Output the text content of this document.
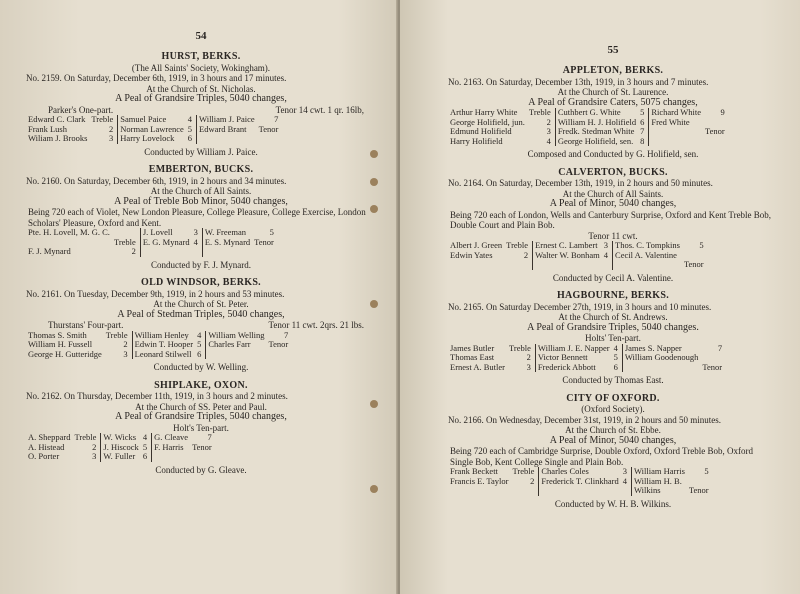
54
HURST, BERKS.
(The All Saints' Society, Wokingham).
No. 2159. On Saturday, December 6th, 1919, in 3 hours and 17 minutes.
At the Church of St. Nicholas.
A Peal of Grandsire Triples, 5040 changes,
Parker's One-part.	Tenor 14 cwt. 1 qr. 16lb,
Edward C. Clark	Treble	Samuel Paice	4	William J. Paice	7
Frank Lush	2	Norman Lawrence	5	Edward Brant	Tenor
Wiliam J. Brooks	3	Harry Lovelock	6		
Conducted by William J. Paice.
EMBERTON, BUCKS.
No. 2160. On Saturday, December 6th, 1919, in 2 hours and 34 minutes.
At the Church of All Saints.
A Peal of Treble Bob Minor, 5040 changes,
Being 720 each of Violet, New London Pleasure, College Pleasure, College Exercise, London Scholars' Pleasure, Oxford and Kent.
Pte. H. Lovell, M. G. C.		J. Lovell	3	W. Freeman	5
	Treble	E. G. Mynard	4	E. S. Mynard	Tenor
F. J. Mynard	2				
Conducted by F. J. Mynard.
OLD WINDSOR, BERKS.
No. 2161. On Tuesday, December 9th, 1919, in 2 hours and 53 minutes.
At the Church of St. Peter.
A Peal of Stedman Triples, 5040 changes,
Thurstans' Four-part.	Tenor 11 cwt. 2qrs. 21 lbs.
Thomas S. Smith	Treble	William Henley	4	William Welling	7
William H. Fussell	2	Edwin T. Hooper	5	Charles Farr	Tenor
George H. Gutteridge	3	Leonard Stilwell	6		
Conducted by W. Welling.
SHIPLAKE, OXON.
No. 2162. On Thursday, December 11th, 1919, in 3 hours and 2 minutes.
At the Church of SS. Peter and Paul.
A Peal of Grandsire Triples, 5040 changes,
Holt's Ten-part.
A. Sheppard	Treble	W. Wicks	4	G. Cleave	7
A. Histead	2	J. Hiscock	5	F. Harris	Tenor
O. Porter	3	W. Fuller	6		
Conducted by G. Gleave.
55
APPLETON, BERKS.
No. 2163. On Saturday, December 13th, 1919, in 3 hours and 7 minutes.
At the Church of St. Laurence.
A Peal of Grandsire Caters, 5075 changes,
Arthur Harry White	Treble	Cuthbert G. White	5	Richard White	9
George Holifield, jun.	2	William H. J. Holifield	6	Fred White	
Edmund Holifield	3	Fredk. Stedman White	7		Tenor
Harry Holifield	4	George Holifield, sen.	8		
Composed and Conducted by G. Holifield, sen.
CALVERTON, BUCKS.
No. 2164. On Saturday, December 13th, 1919, in 2 hours and 50 minutes.
At the Church of All Saints.
A Peal of Minor, 5040 changes,
Being 720 each of London, Wells and Canterbury Surprise, Oxford and Kent Treble Bob, Double Court and Plain Bob.
Tenor 11 cwt.
Albert J. Green	Treble	Ernest C. Lambert	3	Thos. C. Tompkins	5
Edwin Yates	2	Walter W. Bonham	4	Cecil A. Valentine	
					Tenor
Conducted by Cecil A. Valentine.
HAGBOURNE, BERKS.
No. 2165. On Saturday December 27th, 1919, in 3 hours and 10 minutes.
At the Church of St. Andrews.
A Peal of Grandsire Triples, 5040 changes.
Holts' Ten-part.
James Butler	Treble	William J. E. Napper	4	James S. Napper	7
Thomas East	2	Victor Bennett	5	William Goodenough	
Ernest A. Butler	3	Frederick Abbott	6		Tenor
Conducted by Thomas East.
CITY OF OXFORD.
(Oxford Society).
No. 2166. On Wednesday, December 31st, 1919, in 2 hours and 50 minutes.
At the Church of St. Ebbe.
A Peal of Minor, 5040 changes,
Being 720 each of Cambridge Surprise, Double Oxford, Oxford Treble Bob, Oxford Single Bob, Kent College Single and Plain Bob.
Frank Beckett	Treble	Charles Coles	3	William Harris	5
Francis E. Taylor	2	Frederick T. Clinkhard	4	William H. B.	
				Wilkins	Tenor
Conducted by W. H. B. Wilkins.
